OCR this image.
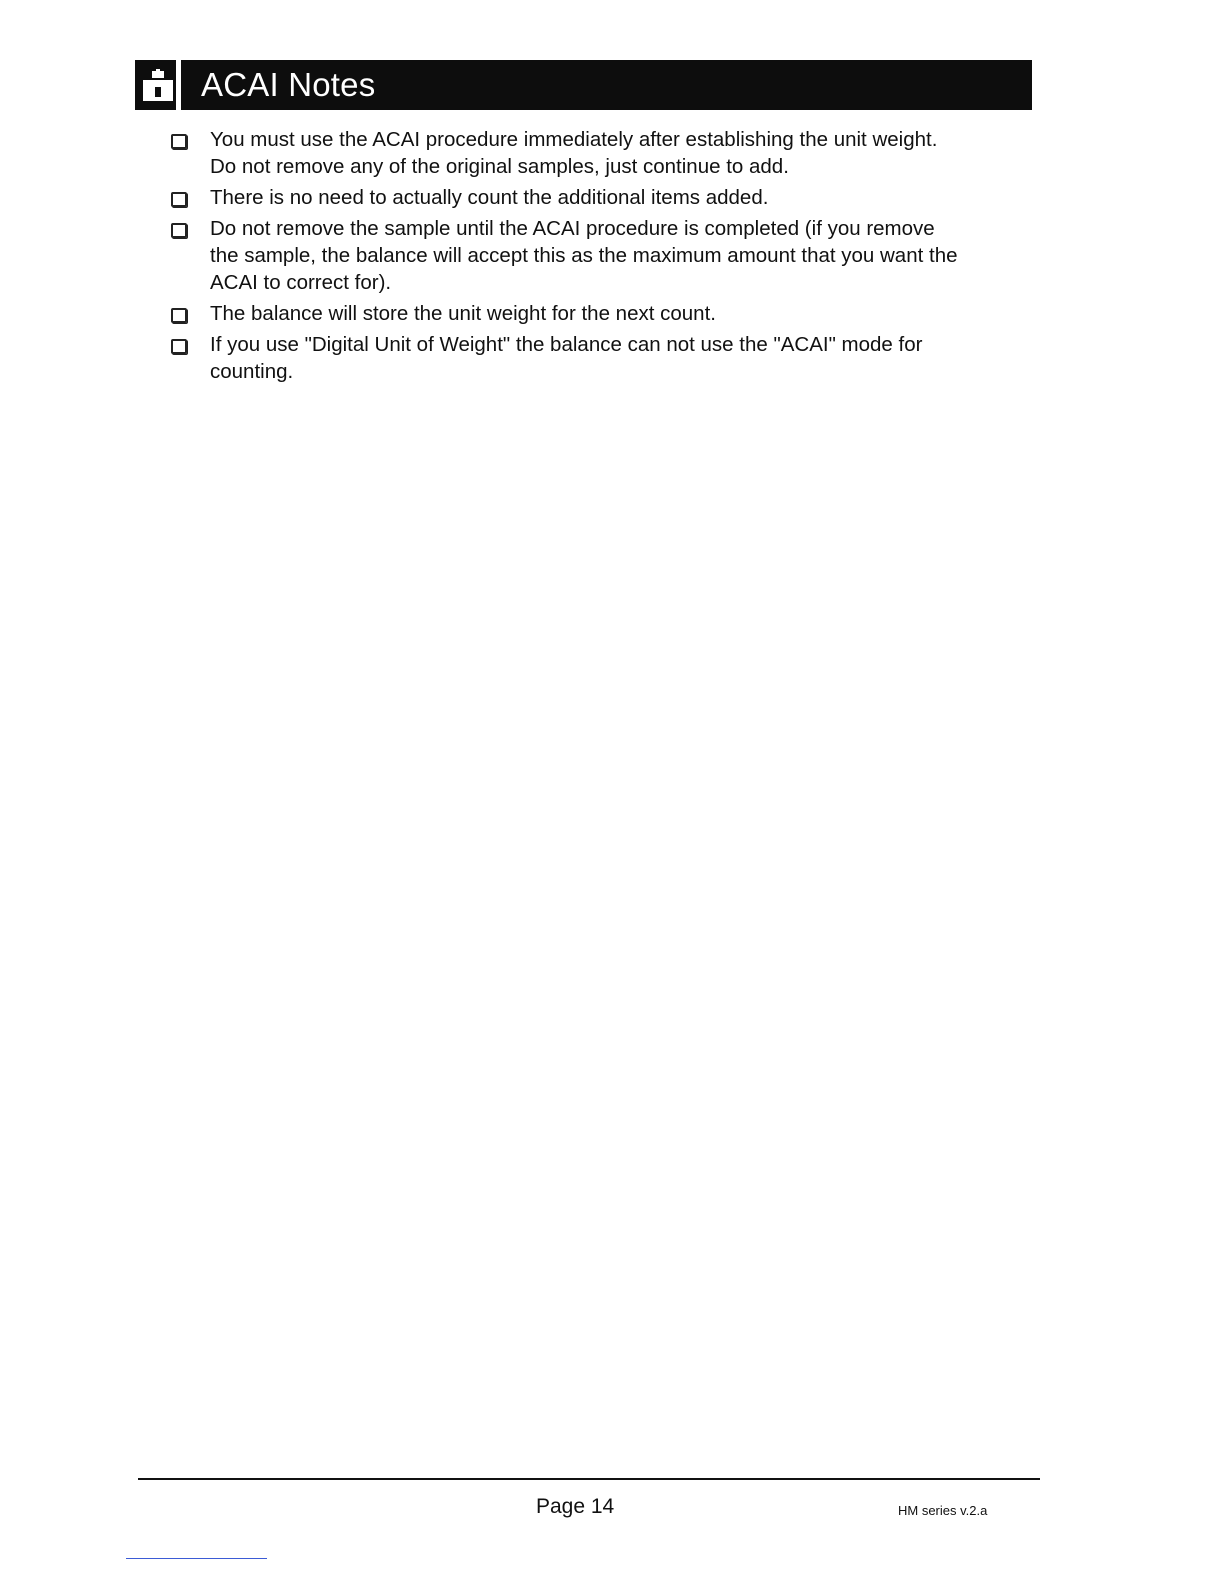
ACAI Notes
You must use the ACAI procedure immediately after establishing the unit weight.
Do not remove any of the original samples, just continue to add.
There is no need to actually count the additional items added.
Do not remove the sample until the ACAI procedure is completed (if you remove
the sample, the balance will accept this as the maximum amount that you want the
ACAI to correct for).
The balance will store the unit weight for the next count.
If you use "Digital Unit of Weight" the balance can not use the "ACAI" mode for
counting.
Page 14	HM series v.2.a
